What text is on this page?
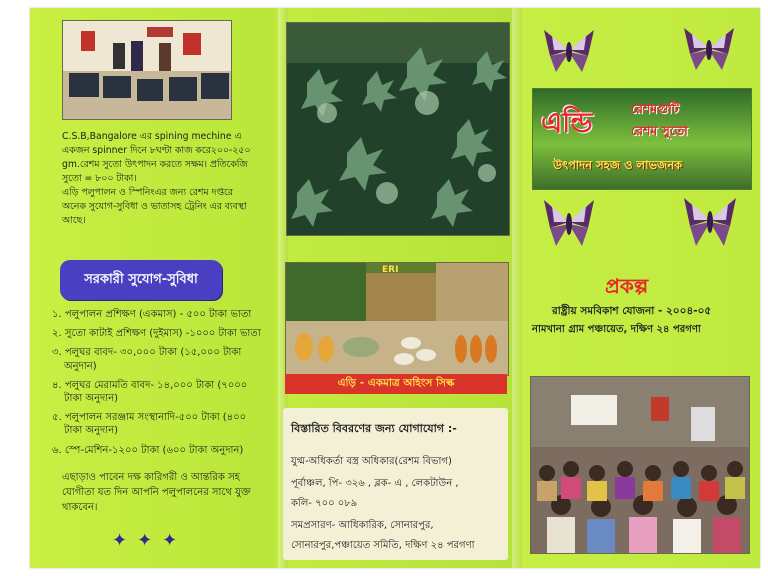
C.S.B,Bangalore এর spining mechine এ
একজন spinner দিনে ৮ঘণ্টা কাজ করে২০০-২৫০
gm.রেশম সুতো উৎপাদন করতে সক্ষম। প্রতিকেজি
সুতো = ৮০০ টাকা।
এড়ি পলুপালন ও স্পিনিংএর জন্য রেশম দপ্তরে
অনেক সুযোগ-সুবিধা ও ভাতাসহ ট্রেনিং এর ব্যবস্থা
আছে।
সরকারী সুযোগ-সুবিধা
১. পলুপালন প্রশিক্ষণ (একমাস) - ৫০০ টাকা ভাতা
২. সুতো কাটাই প্রশিক্ষণ (দুইমাস) -১০০০ টাকা ভাতা
৩. পলুঘর বাবদ- ৩০,০০০ টাকা (১৫,০০০ টাকা
অনুদান)
৪. পলুঘর মেরামতি বাবদ- ১৪,০০০ টাকা (৭০০০
টাকা অনুদান)
৫. পলুপালন সরঞ্জাম সংস্থানাদি-৫০০ টাকা (৪০০
টাকা অনুদান)
৬. স্পে-মেশিন-১২০০ টাকা (৬০০ টাকা অনুদান)
এছাড়াও পাবেন দক্ষ কারিগরী ও আন্তরিক সহ
যোগীতা যত দিন আপনি পলুপালনের সাথে যুক্ত
থাকবেন।
✦✦✦
ERI
এড়ি - একমাত্র অহিংস সিল্ক
বিস্তারিত বিবরণের জন্য যোগাযোগ :-
যুগ্ম-অধিকর্তা বস্ত্র অধিকার(রেশম বিভাগ)
পূর্বাঞ্চল, পি- ৩২৬ , ব্লক- এ , লেকটাউন ,
কলি- ৭০০ ০৮৯
সমপ্রসারণ- আধিকারিক, সোনারপুর,
সোনারপুর,পঞ্চায়েত সমিতি, দক্ষিণ ২৪ পরগণা
এন্ডি	রেশমগুটি
রেশম সুতো
উৎপাদন সহজ ও লাভজনক
প্রকল্প
রাষ্ট্রীয় সমবিকাশ যোজনা - ২০০৪-০৫
নামখানা গ্রাম পঞ্চায়েত, দক্ষিণ ২৪ পরগণা
